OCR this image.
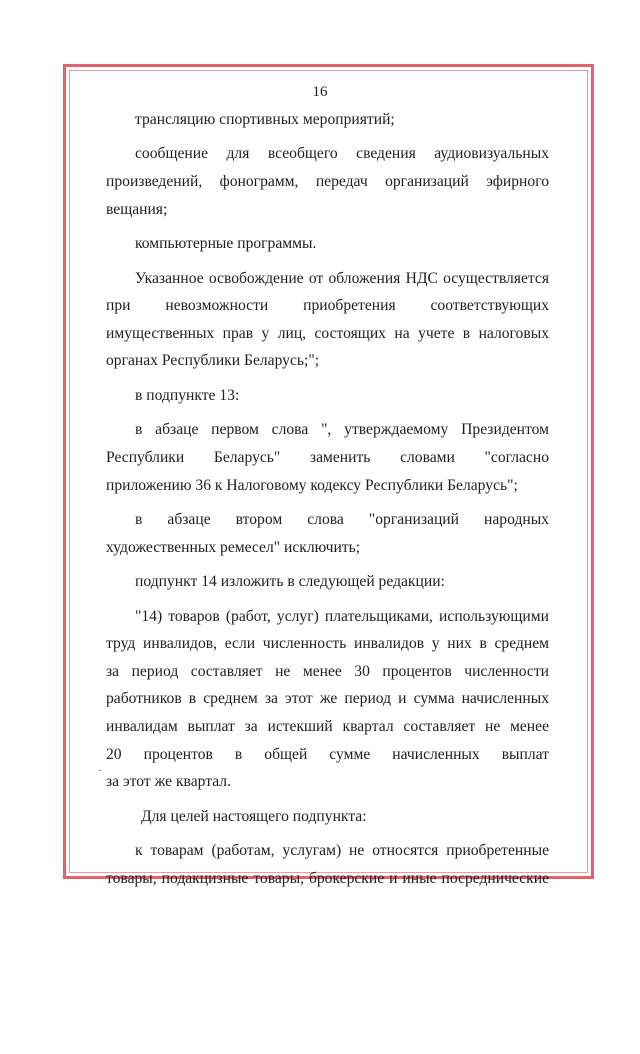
16
трансляцию спортивных мероприятий;
сообщение для всеобщего сведения аудиовизуальных
произведений, фонограмм, передач организаций эфирного
вещания;
компьютерные программы.
Указанное освобождение от обложения НДС осуществляется
при невозможности приобретения соответствующих
имущественных прав у лиц, состоящих на учете в налоговых
органах Республики Беларусь;";
в подпункте 13:
в абзаце первом слова ", утверждаемому Президентом
Республики Беларусь" заменить словами "согласно
приложению 36 к Налоговому кодексу Республики Беларусь";
в абзаце втором слова "организаций народных
художественных ремесел" исключить;
подпункт 14 изложить в следующей редакции:
"14) товаров (работ, услуг) плательщиками, использующими
труд инвалидов, если численность инвалидов у них в среднем
за период составляет не менее 30 процентов численности
работников в среднем за этот же период и сумма начисленных
инвалидам выплат за истекший квартал составляет не менее
20 процентов в общей сумме начисленных выплат
за этот же квартал.
Для целей настоящего подпункта:
к товарам (работам, услугам) не относятся приобретенные
товары, подакцизные товары, брокерские и иные посреднические
